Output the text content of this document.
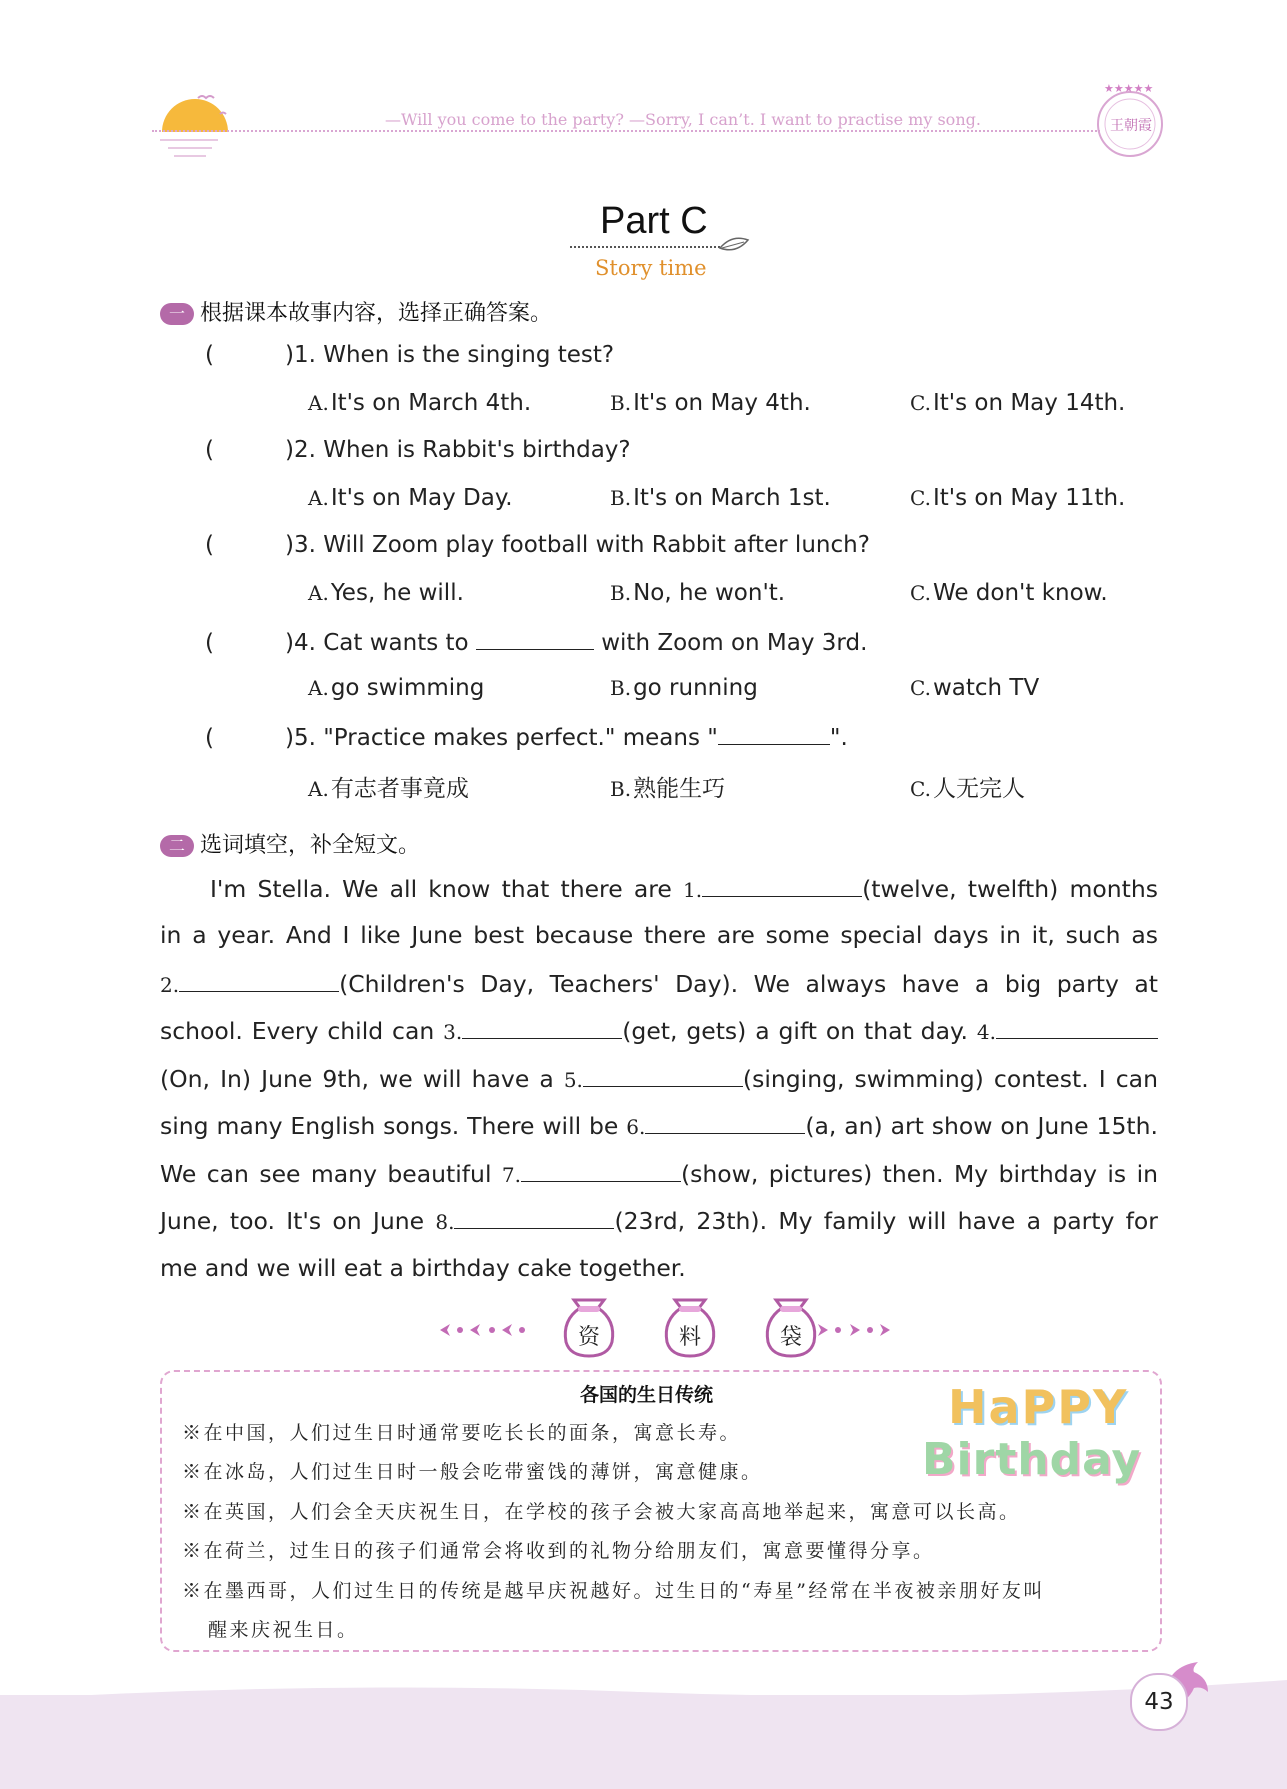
—Will you come to the party? —Sorry, I can’t. I want to practise my song.
★★★★★
王朝霞
Part C
Story time
一 根据课本故事内容，选择正确答案。
(	)1. When is the singing test?
A.It's on March 4th.	B.It's on May 4th.	C.It's on May 14th.
(	)2. When is Rabbit's birthday?
A.It's on May Day.	B.It's on March 1st.	C.It's on May 11th.
(	)3. Will Zoom play football with Rabbit after lunch?
A.Yes, he will.	B.No, he won't.	C.We don't know.
(	)4. Cat wants to	with Zoom on May 3rd.
A.go swimming	B.go running	C.watch TV
(	)5. "Practice makes perfect." means "	".
A.有志者事竟成	B.熟能生巧	C.人无完人
二 选词填空，补全短文。
I'm Stella. We all know that there are 1.	(twelve, twelfth) months
in a year. And I like June best because there are some special days in it, such as
2.	(Children's Day, Teachers' Day). We always have a big party at
school. Every child can 3.	(get, gets) a gift on that day. 4.
(On, In) June 9th, we will have a 5.	(singing, swimming) contest. I can
sing many English songs. There will be 6.	(a, an) art show on June 15th.
We can see many beautiful 7.	(show, pictures) then. My birthday is in
June, too. It's on June 8.	(23rd, 23th). My family will have a party for
me and we will eat a birthday cake together.
资	料	袋
各国的生日传统	HaPPY
Birthday
※在中国，人们过生日时通常要吃长长的面条，寓意长寿。
※在冰岛，人们过生日时一般会吃带蜜饯的薄饼，寓意健康。
※在英国，人们会全天庆祝生日，在学校的孩子会被大家高高地举起来，寓意可以长高。
※在荷兰，过生日的孩子们通常会将收到的礼物分给朋友们，寓意要懂得分享。
※在墨西哥，人们过生日的传统是越早庆祝越好。过生日的“寿星”经常在半夜被亲朋好友叫
醒来庆祝生日。
43
